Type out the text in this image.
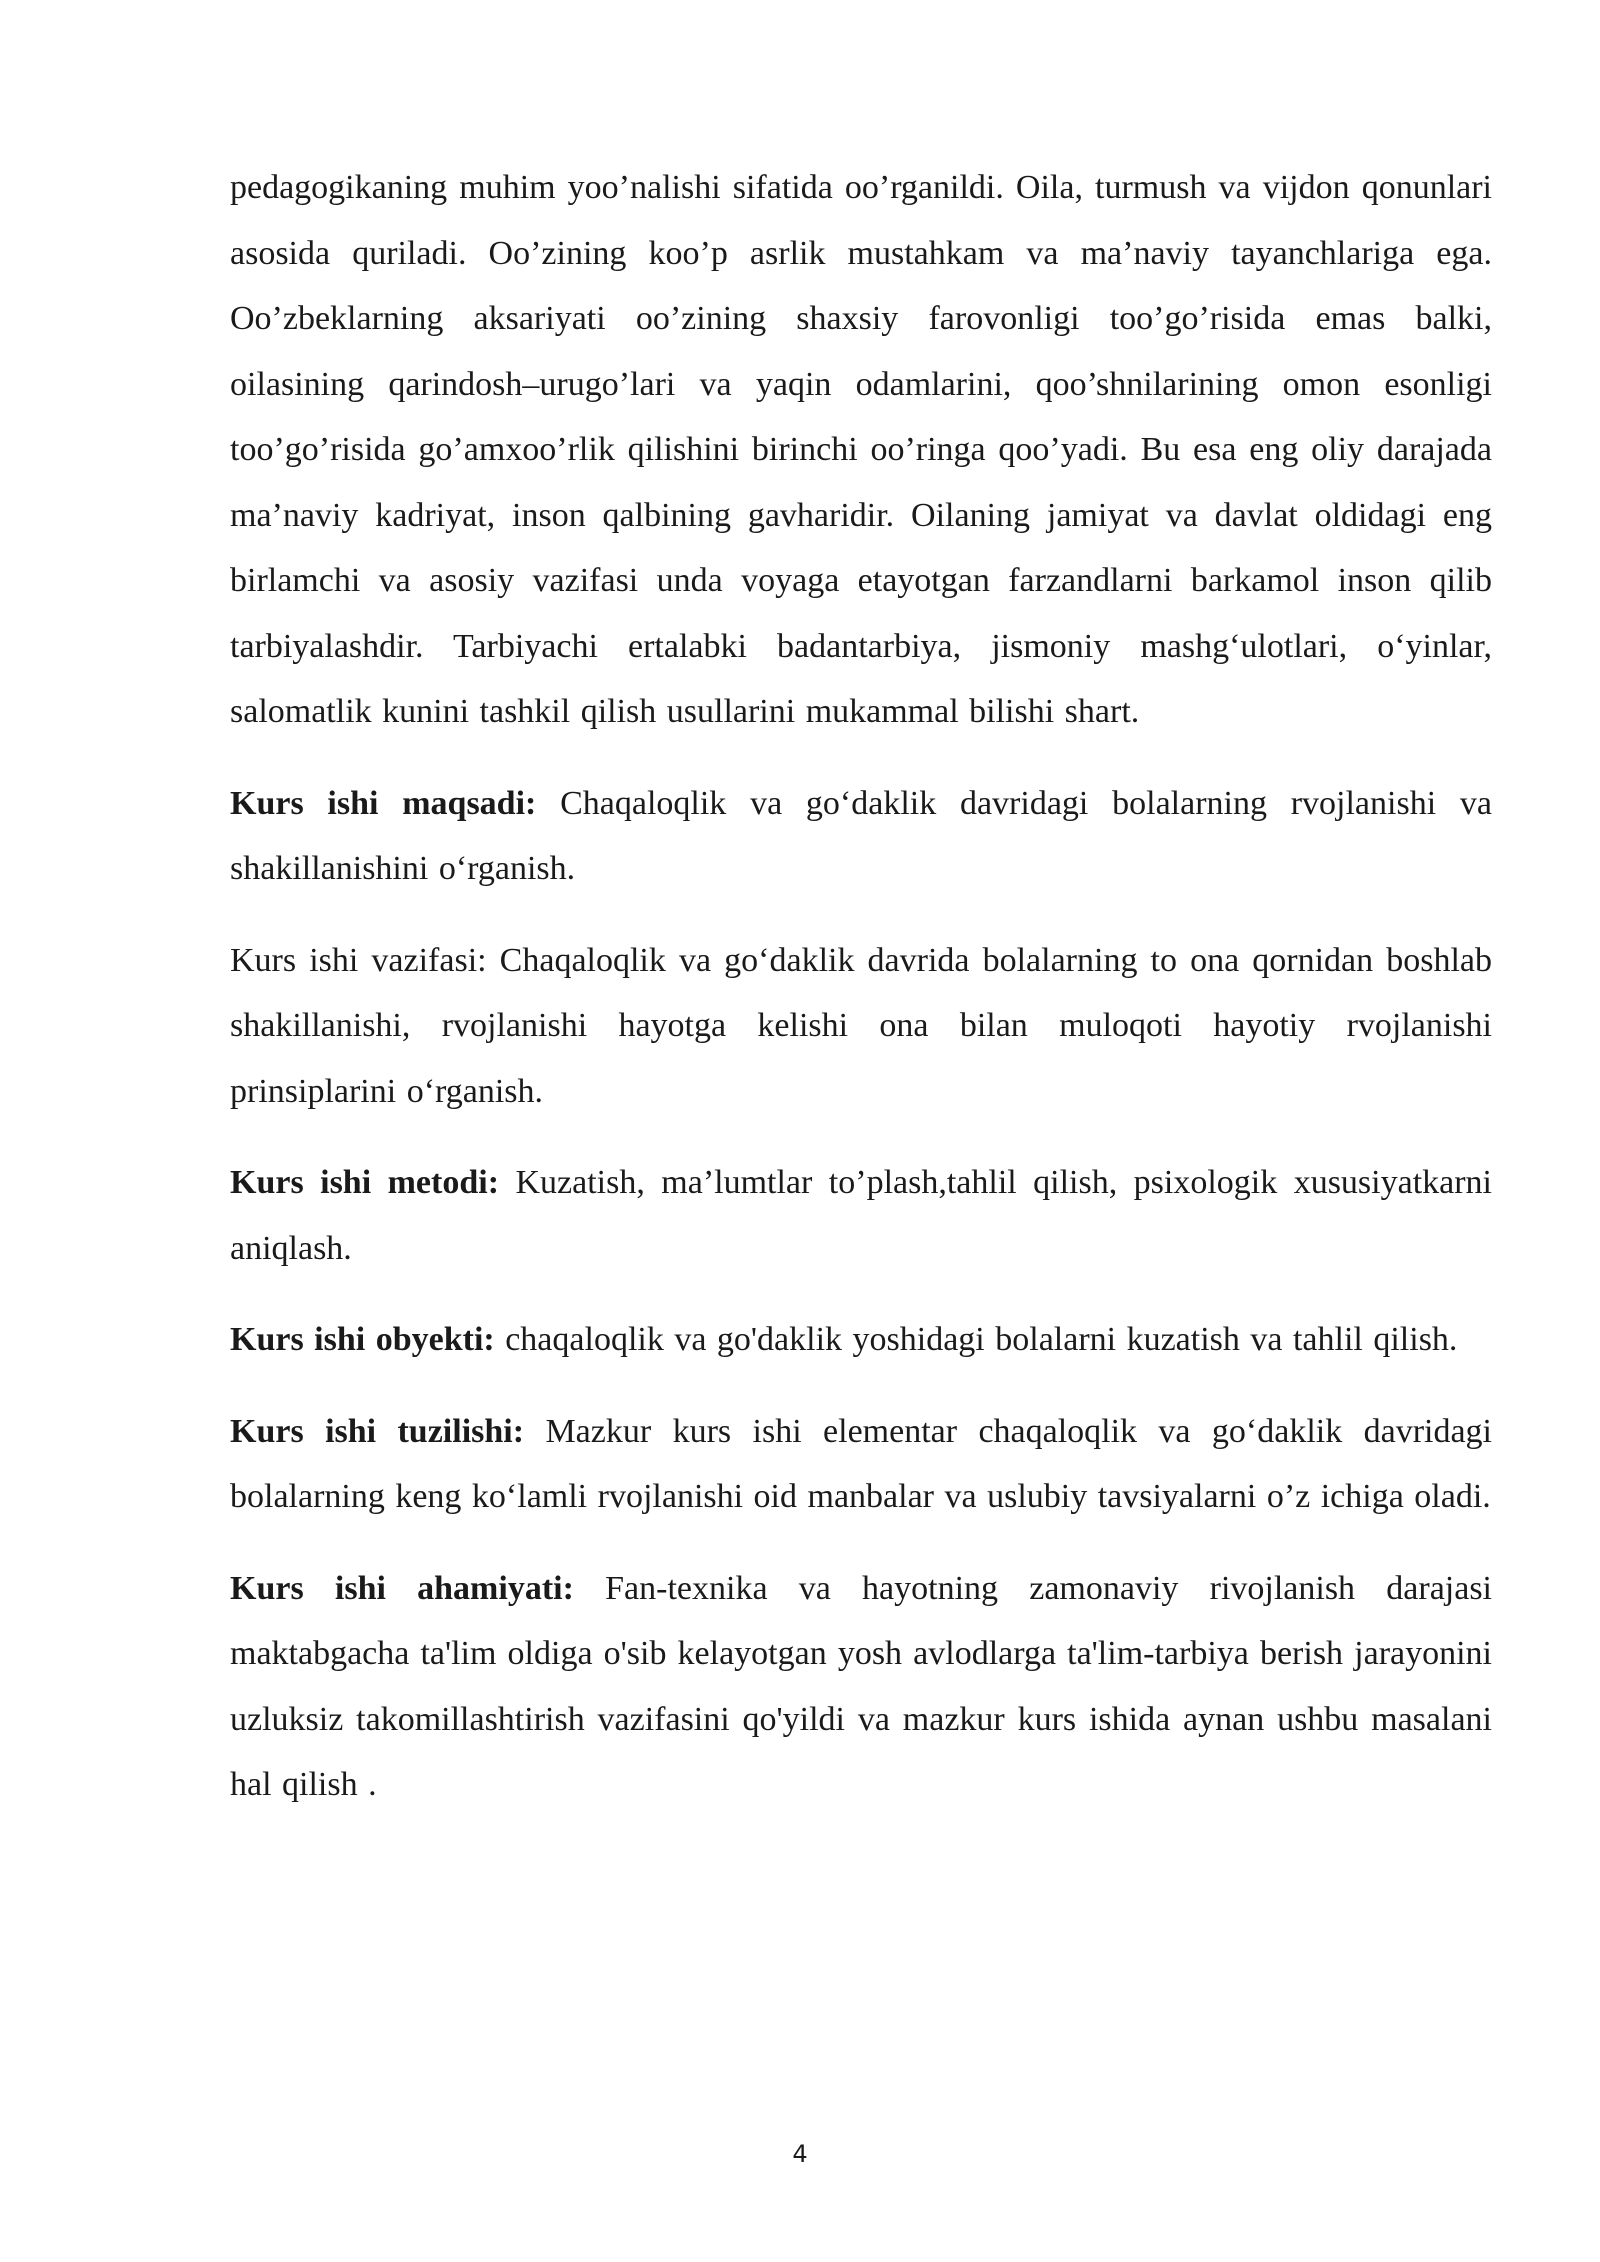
pedagogikaning muhim yoo’nalishi sifatida oo’rganildi. Oila, turmush va vijdon qonunlari asosida quriladi. Oo’zining koo’p asrlik mustahkam va ma’naviy tayanchlariga ega. Oo’zbeklarning aksariyati oo’zining shaxsiy farovonligi too’go’risida emas balki, oilasining qarindosh–urugo’lari va yaqin odamlarini, qoo’shnilarining omon esonligi too’go’risida go’amxoo’rlik qilishini birinchi oo’ringa qoo’yadi. Bu esa eng oliy darajada ma’naviy kadriyat, inson qalbining gavharidir. Oilaning jamiyat va davlat oldidagi eng birlamchi va asosiy vazifasi unda voyaga etayotgan farzandlarni barkamol inson qilib tarbiyalashdir. Tarbiyachi ertalabki badantarbiya, jismoniy mashg‘ulotlari, o‘yinlar, salomatlik kunini tashkil qilish usullarini mukammal bilishi shart.

Kurs ishi maqsadi: Chaqaloqlik va go‘daklik davridagi bolalarning rvojlanishi va shakillanishini o‘rganish.

Kurs ishi vazifasi: Chaqaloqlik va go‘daklik davrida bolalarning to ona qornidan boshlab shakillanishi, rvojlanishi hayotga kelishi ona bilan muloqoti hayotiy rvojlanishi prinsiplarini o‘rganish.

Kurs ishi metodi: Kuzatish, ma’lumtlar to’plash,tahlil qilish, psixologik xususiyatkarni aniqlash.

Kurs ishi obyekti: chaqaloqlik va go'daklik yoshidagi bolalarni kuzatish va tahlil qilish.

Kurs ishi tuzilishi: Mazkur kurs ishi elementar chaqaloqlik va go‘daklik davridagi bolalarning keng ko‘lamli rvojlanishi oid manbalar va uslubiy tavsiyalarni o’z ichiga oladi.

Kurs ishi ahamiyati: Fan-texnika va hayotning zamonaviy rivojlanish darajasi maktabgacha ta'lim oldiga o'sib kelayotgan yosh avlodlarga ta'lim-tarbiya berish jarayonini uzluksiz takomillashtirish vazifasini qo'yildi va mazkur kurs ishida aynan ushbu masalani hal qilish .

4
